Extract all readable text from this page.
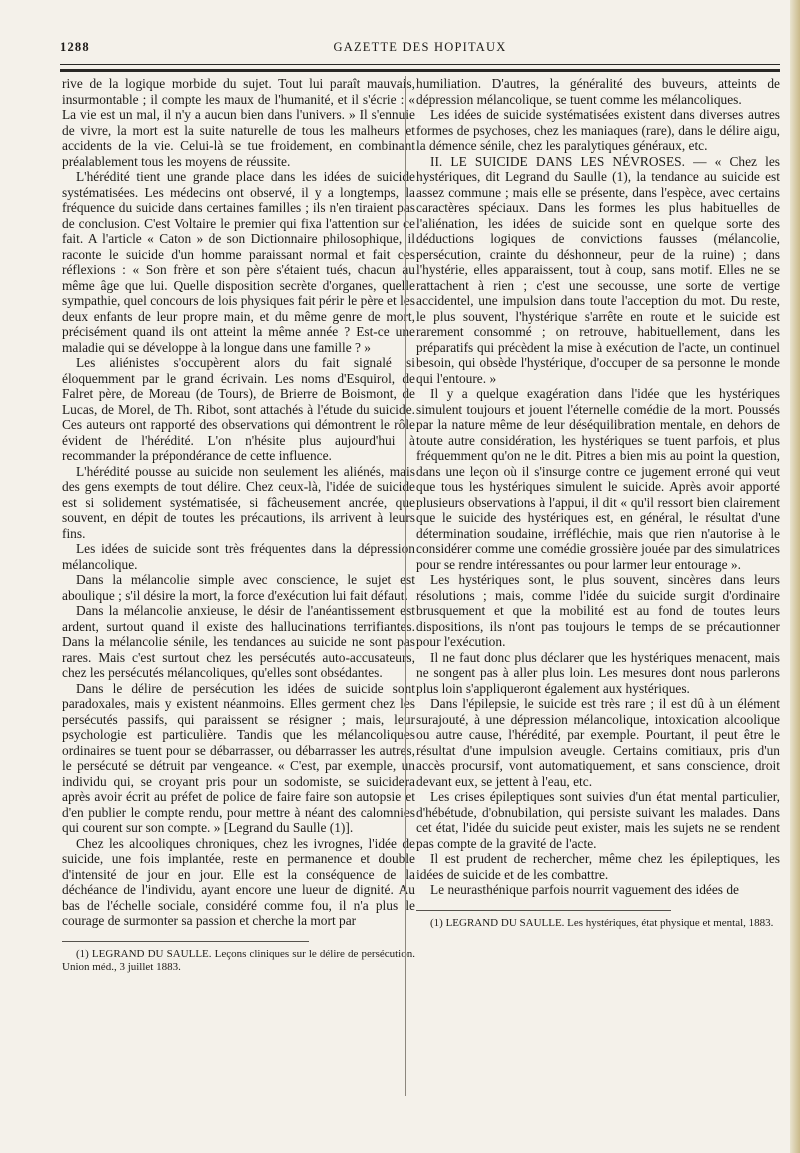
1288	GAZETTE DES HOPITAUX

rive de la logique morbide du sujet. Tout lui paraît mauvais, insurmontable ; il compte les maux de l'humanité, et il s'écrie : « La vie est un mal, il n'y a aucun bien dans l'univers. » Il s'ennuie de vivre, la mort est la suite naturelle de tous les malheurs et accidents de la vie. Celui-là se tue froidement, en combinant préalablement tous les moyens de réussite.

L'hérédité tient une grande place dans les idées de suicide systématisées. Les médecins ont observé, il y a longtemps, la fréquence du suicide dans certaines familles ; ils n'en tiraient pas de conclusion. C'est Voltaire le premier qui fixa l'attention sur ce fait. A l'article « Caton » de son Dictionnaire philosophique, il raconte le suicide d'un homme paraissant normal et fait ces réflexions : « Son frère et son père s'étaient tués, chacun au même âge que lui. Quelle disposition secrète d'organes, quelle sympathie, quel concours de lois physiques fait périr le père et les deux enfants de leur propre main, et du même genre de mort, précisément quand ils ont atteint la même année ? Est-ce une maladie qui se développe à la longue dans une famille ? »

Les aliénistes s'occupèrent alors du fait signalé si éloquemment par le grand écrivain. Les noms d'Esquirol, de Falret père, de Moreau (de Tours), de Brierre de Boismont, de Lucas, de Morel, de Th. Ribot, sont attachés à l'étude du suicide. Ces auteurs ont rapporté des observations qui démontrent le rôle évident de l'hérédité. L'on n'hésite plus aujourd'hui à recommander la prépondérance de cette influence.

L'hérédité pousse au suicide non seulement les aliénés, mais des gens exempts de tout délire. Chez ceux-là, l'idée de suicide est si solidement systématisée, si fâcheusement ancrée, que souvent, en dépit de toutes les précautions, ils arrivent à leurs fins.

Les idées de suicide sont très fréquentes dans la dépression mélancolique.

Dans la mélancolie simple avec conscience, le sujet est aboulique ; s'il désire la mort, la force d'exécution lui fait défaut.

Dans la mélancolie anxieuse, le désir de l'anéantissement est ardent, surtout quand il existe des hallucinations terrifiantes. Dans la mélancolie sénile, les tendances au suicide ne sont pas rares. Mais c'est surtout chez les persécutés auto-accusateurs, chez les persécutés mélancoliques, qu'elles sont obsédantes.

Dans le délire de persécution les idées de suicide sont paradoxales, mais y existent néanmoins. Elles germent chez les persécutés passifs, qui paraissent se résigner ; mais, leur psychologie est particulière. Tandis que les mélancoliques ordinaires se tuent pour se débarrasser, ou débarrasser les autres, le persécuté se détruit par vengeance. « C'est, par exemple, un individu qui, se croyant pris pour un sodomiste, se suicidera après avoir écrit au préfet de police de faire faire son autopsie et d'en publier le compte rendu, pour mettre à néant des calomnies qui courent sur son compte. » [Legrand du Saulle (1)].

Chez les alcooliques chroniques, chez les ivrognes, l'idée de suicide, une fois implantée, reste en permanence et double d'intensité de jour en jour. Elle est la conséquence de la déchéance de l'individu, ayant encore une lueur de dignité. Au bas de l'échelle sociale, considéré comme fou, il n'a plus le courage de surmonter sa passion et cherche la mort par

(1) LEGRAND DU SAULLE. Leçons cliniques sur le délire de persécution. Union méd., 3 juillet 1883.

humiliation. D'autres, la généralité des buveurs, atteints de dépression mélancolique, se tuent comme les mélancoliques.

Les idées de suicide systématisées existent dans diverses autres formes de psychoses, chez les maniaques (rare), dans le délire aigu, la démence sénile, chez les paralytiques généraux, etc.

II. LE SUICIDE DANS LES NÉVROSES. — « Chez les hystériques, dit Legrand du Saulle (1), la tendance au suicide est assez commune ; mais elle se présente, dans l'espèce, avec certains caractères spéciaux. Dans les formes les plus habituelles de l'aliénation, les idées de suicide sont en quelque sorte des déductions logiques de convictions fausses (mélancolie, persécution, crainte du déshonneur, peur de la ruine) ; dans l'hystérie, elles apparaissent, tout à coup, sans motif. Elles ne se rattachent à rien ; c'est une secousse, une sorte de vertige accidentel, une impulsion dans toute l'acception du mot. Du reste, le plus souvent, l'hystérique s'arrête en route et le suicide est rarement consommé ; on retrouve, habituellement, dans les préparatifs qui précèdent la mise à exécution de l'acte, un continuel besoin, qui obsède l'hystérique, d'occuper de sa personne le monde qui l'entoure. »

Il y a quelque exagération dans l'idée que les hystériques simulent toujours et jouent l'éternelle comédie de la mort. Poussés par la nature même de leur déséquilibration mentale, en dehors de toute autre considération, les hystériques se tuent parfois, et plus fréquemment qu'on ne le dit. Pitres a bien mis au point la question, dans une leçon où il s'insurge contre ce jugement erroné qui veut que tous les hystériques simulent le suicide. Après avoir apporté plusieurs observations à l'appui, il dit « qu'il ressort bien clairement que le suicide des hystériques est, en général, le résultat d'une détermination soudaine, irréfléchie, mais que rien n'autorise à le considérer comme une comédie grossière jouée par des simulatrices pour se rendre intéressantes ou pour larmer leur entourage ».

Les hystériques sont, le plus souvent, sincères dans leurs résolutions ; mais, comme l'idée du suicide surgit d'ordinaire brusquement et que la mobilité est au fond de toutes leurs dispositions, ils n'ont pas toujours le temps de se précautionner pour l'exécution.

Il ne faut donc plus déclarer que les hystériques menacent, mais ne songent pas à aller plus loin. Les mesures dont nous parlerons plus loin s'appliqueront également aux hystériques.

Dans l'épilepsie, le suicide est très rare ; il est dû à un élément surajouté, à une dépression mélancolique, intoxication alcoolique ou autre cause, l'hérédité, par exemple. Pourtant, il peut être le résultat d'une impulsion aveugle. Certains comitiaux, pris d'un accès procursif, vont automatiquement, et sans conscience, droit devant eux, se jettent à l'eau, etc.

Les crises épileptiques sont suivies d'un état mental particulier, d'hébétude, d'obnubilation, qui persiste suivant les malades. Dans cet état, l'idée du suicide peut exister, mais les sujets ne se rendent pas compte de la gravité de l'acte.

Il est prudent de rechercher, même chez les épileptiques, les idées de suicide et de les combattre.

Le neurasthénique parfois nourrit vaguement des idées de

(1) LEGRAND DU SAULLE. Les hystériques, état physique et mental, 1883.
